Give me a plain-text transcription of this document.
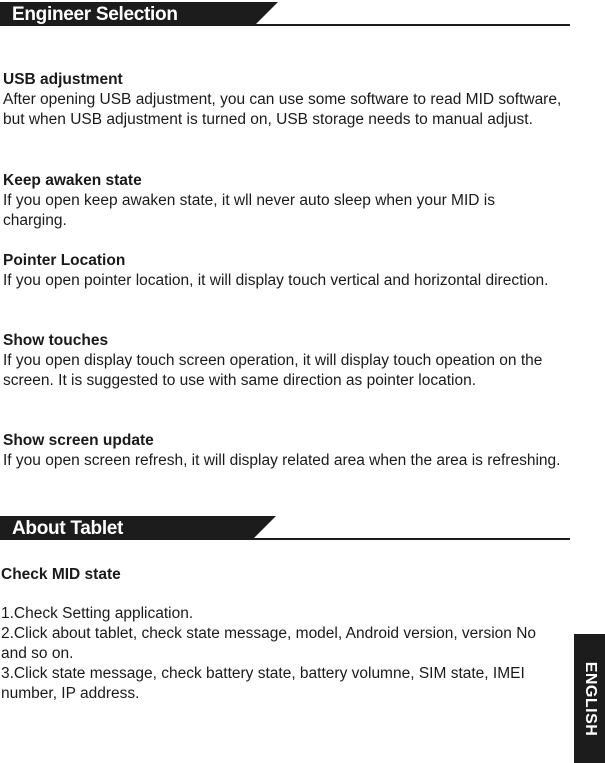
Engineer Selection
USB adjustment
After opening USB adjustment, you can use some software to read MID software, but when USB adjustment is turned on, USB storage needs to manual adjust.
Keep awaken state
If you open keep awaken state, it wll never auto sleep when your MID is charging.
Pointer Location
If you open pointer location, it will display touch vertical and horizontal direction.
Show touches
If you open display touch screen operation, it will display touch opeation on the screen. It is suggested to use with same direction as pointer location.
Show screen update
If you open screen refresh, it will display related area when the area is refreshing.
About Tablet
Check MID state
1.Check Setting application.
2.Click about tablet, check state message, model, Android version, version No and so on.
3.Click state message, check battery state, battery volumne, SIM state, IMEI number, IP address.	ENGLISH
